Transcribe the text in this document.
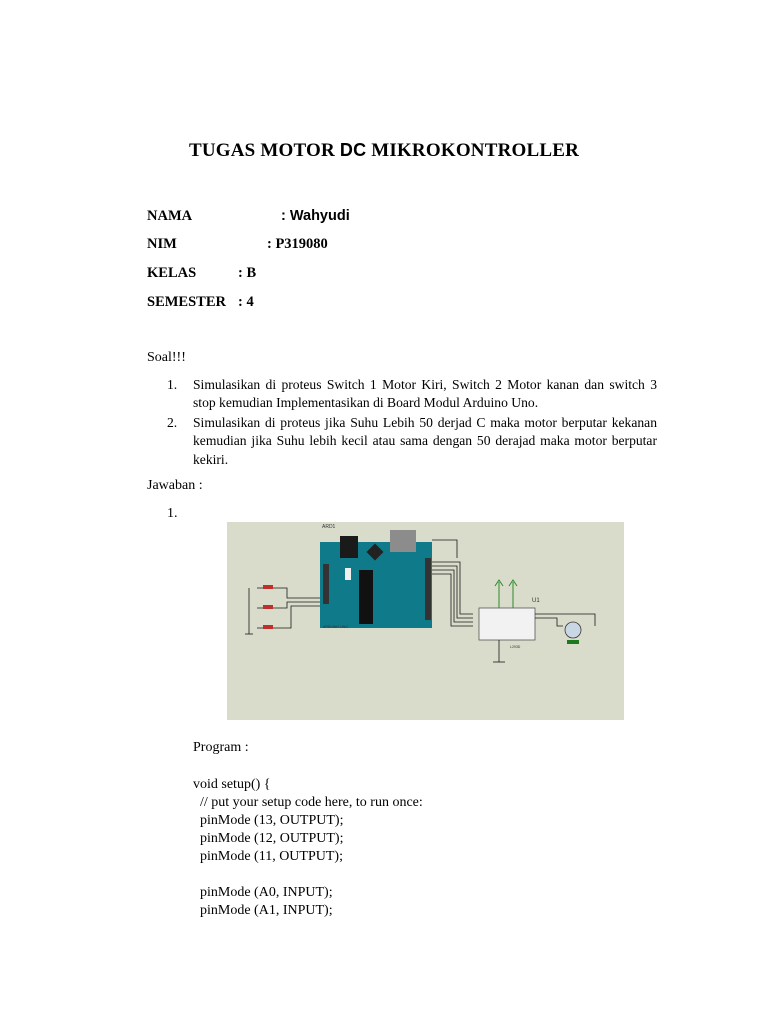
TUGAS MOTOR DC MIKROKONTROLLER
NAMA	: Wahyudi
NIM	: P319080
KELAS	: B
SEMESTER : 4
Soal!!!
1. Simulasikan di proteus Switch 1 Motor Kiri, Switch 2 Motor kanan dan switch 3 stop kemudian Implementasikan di Board Modul Arduino Uno.
2. Simulasikan di proteus jika Suhu Lebih 50 derjad C maka motor berputar kekanan kemudian jika Suhu lebih kecil atau sama dengan 50 derajad maka motor berputar kekiri.
Jawaban :
1.
ARD1
U1
ARDUINO UNO
L293D
Program :
void setup() {
// put your setup code here, to run once:
pinMode (13, OUTPUT);
pinMode (12, OUTPUT);
pinMode (11, OUTPUT);
pinMode (A0, INPUT);
pinMode (A1, INPUT);
